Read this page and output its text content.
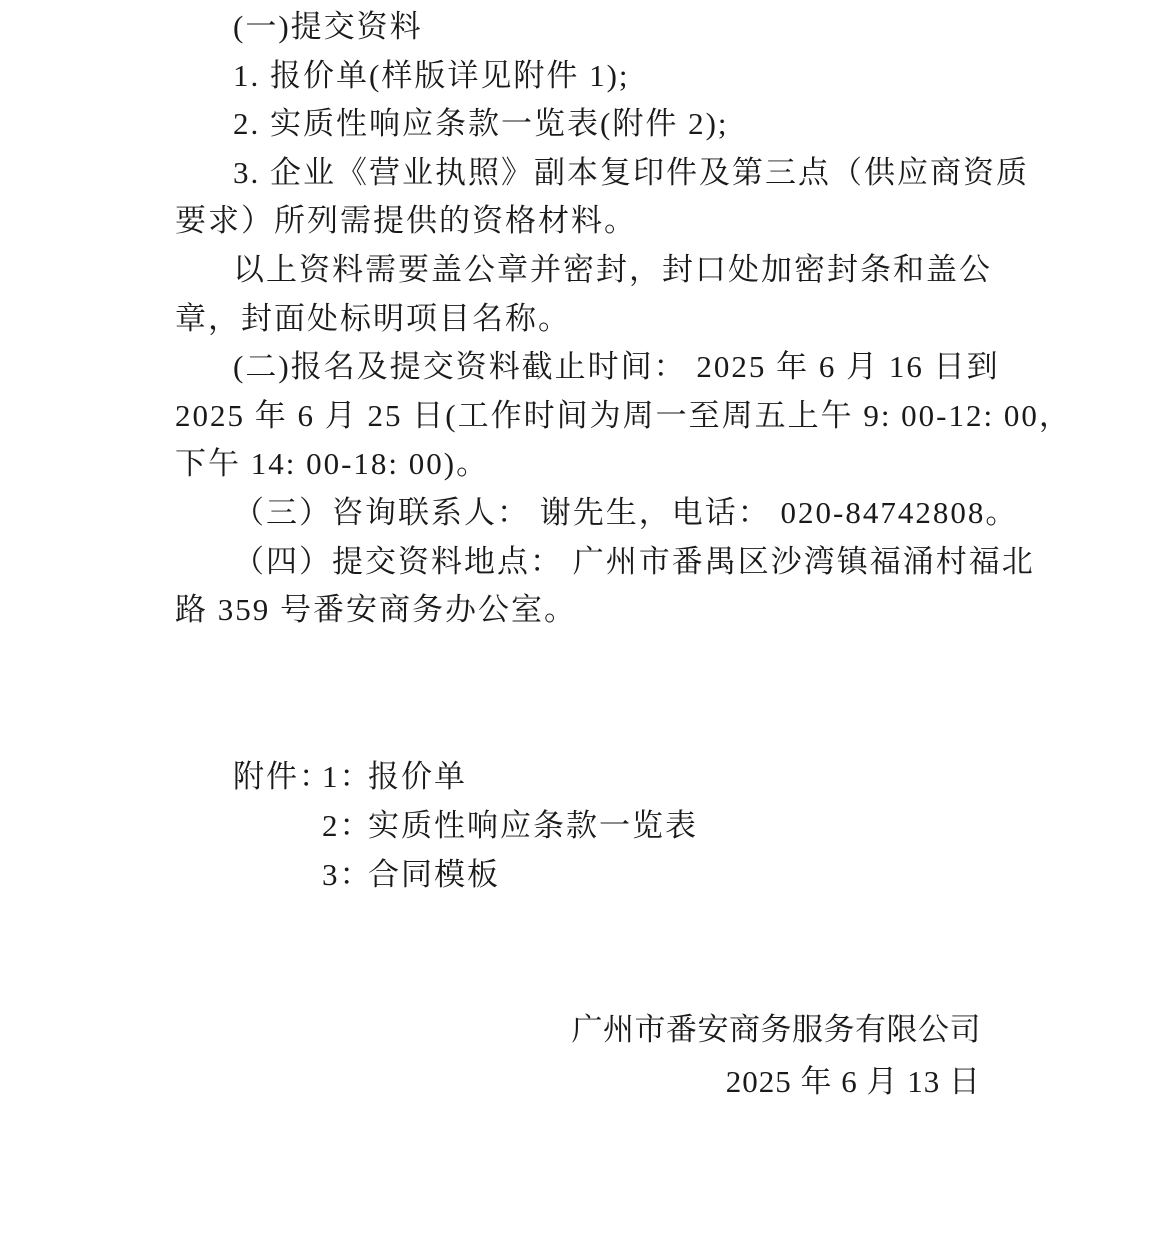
(一)提交资料
1. 报价单(样版详见附件 1);
2. 实质性响应条款一览表(附件 2);
3. 企业《营业执照》副本复印件及第三点（供应商资质
要求）所列需提供的资格材料。
以上资料需要盖公章并密封，封口处加密封条和盖公
章，封面处标明项目名称。
(二)报名及提交资料截止时间： 2025 年 6 月 16 日到
2025 年 6 月 25 日(工作时间为周一至周五上午 9: 00-12: 00，
下午 14: 00-18: 00)。
（三）咨询联系人： 谢先生，电话： 020-84742808。
（四）提交资料地点： 广州市番禺区沙湾镇福涌村福北
路 359 号番安商务办公室。
附件：
1：
报价单
2：
实质性响应条款一览表
3：
合同模板
广州市番安商务服务有限公司
2025 年 6 月 13 日
